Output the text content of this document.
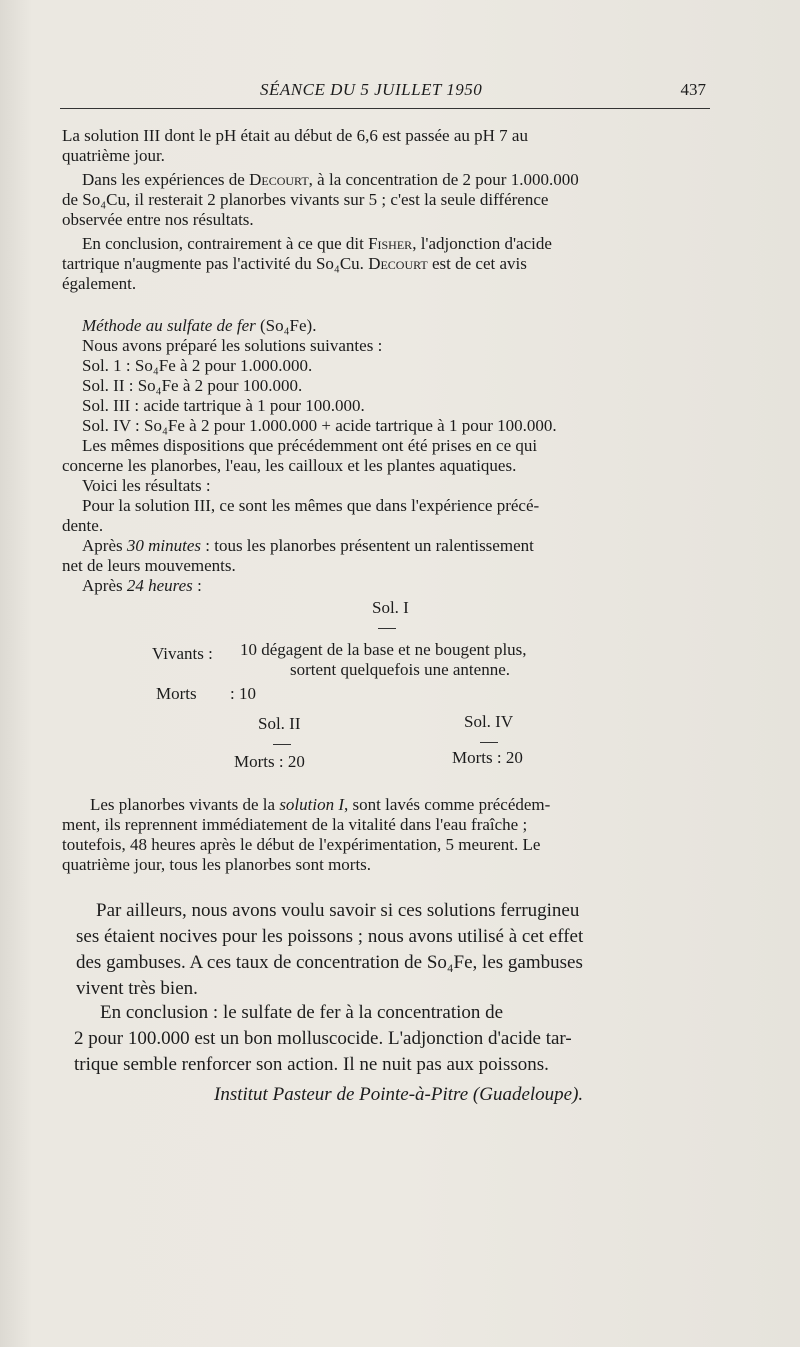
SÉANCE DU 5 JUILLET 1950	437
La solution III dont le pH était au début de 6,6 est passée au pH 7 au
quatrième jour.
Dans les expériences de Decourt, à la concentration de 2 pour 1.000.000
de So₄Cu, il resterait 2 planorbes vivants sur 5 ; c'est la seule différence
observée entre nos résultats.
En conclusion, contrairement à ce que dit Fisher, l'adjonction d'acide
tartrique n'augmente pas l'activité du So₄Cu. Decourt est de cet avis
également.
Méthode au sulfate de fer (So₄Fe).
Nous avons préparé les solutions suivantes :
Sol. 1 : So₄Fe à 2 pour 1.000.000.
Sol. II : So₄Fe à 2 pour 100.000.
Sol. III : acide tartrique à 1 pour 100.000.
Sol. IV : So₄Fe à 2 pour 1.000.000 + acide tartrique à 1 pour 100.000.
Les mêmes dispositions que précédemment ont été prises en ce qui
concerne les planorbes, l'eau, les cailloux et les plantes aquatiques.
Voici les résultats :
Pour la solution III, ce sont les mêmes que dans l'expérience précé-
dente.
Après 30 minutes : tous les planorbes présentent un ralentissement
net de leurs mouvements.
Après 24 heures :
Sol. I
Vivants : 10 dégagent de la base et ne bougent plus,
sortent quelquefois une antenne.
Morts : 10
Sol. II	Sol. IV
Morts : 20	Morts : 20
Les planorbes vivants de la solution I, sont lavés comme précédem-
ment, ils reprennent immédiatement de la vitalité dans l'eau fraîche ;
toutefois, 48 heures après le début de l'expérimentation, 5 meurent. Le
quatrième jour, tous les planorbes sont morts.
Par ailleurs, nous avons voulu savoir si ces solutions ferrugineu
ses étaient nocives pour les poissons ; nous avons utilisé à cet effet
des gambuses. A ces taux de concentration de So₄Fe, les gambuses
vivent très bien.
En conclusion : le sulfate de fer à la concentration de
2 pour 100.000 est un bon molluscocide. L'adjonction d'acide tar-
trique semble renforcer son action. Il ne nuit pas aux poissons.
Institut Pasteur de Pointe-à-Pitre (Guadeloupe).
